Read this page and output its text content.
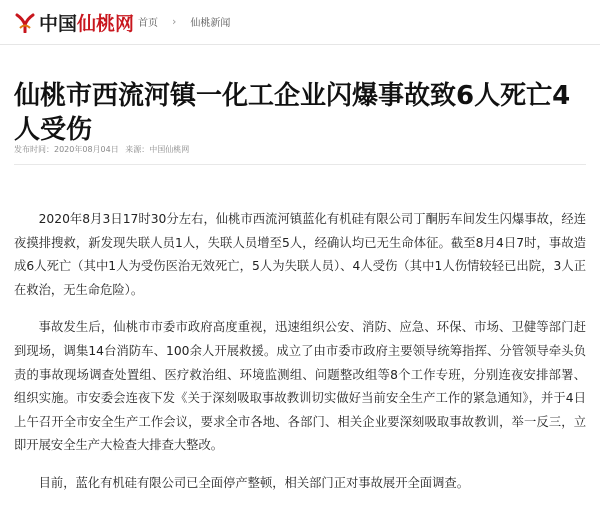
中国 仙桃网 首页 › 仙桃新闻
仙桃市西流河镇一化工企业闪爆事故致6人死亡4人受伤
发布时间：2020年08月04日 来源：中国仙桃网

2020年8月3日17时30分左右，仙桃市西流河镇蓝化有机硅有限公司丁酮肟车间发生闪爆事故，经连夜摸排搜救，新发现失联人员1人，失联人员增至5人，经确认均已无生命体征。截至8月4日7时，事故造成6人死亡（其中1人为受伤医治无效死亡，5人为失联人员）、4人受伤（其中1人伤情较轻已出院，3人正在救治，无生命危险）。

事故发生后，仙桃市市委市政府高度重视，迅速组织公安、消防、应急、环保、市场、卫健等部门赶到现场，调集14台消防车、100余人开展救援。成立了由市委市政府主要领导统筹指挥、分管领导牵头负责的事故现场调查处置组、医疗救治组、环境监测组、问题整改组等8个工作专班，分别连夜安排部署、组织实施。市安委会连夜下发《关于深刻吸取事故教训切实做好当前安全生产工作的紧急通知》，并于4日上午召开全市安全生产工作会议，要求全市各地、各部门、相关企业要深刻吸取事故教训，举一反三，立即开展安全生产大检查大排查大整改。

目前，蓝化有机硅有限公司已全面停产整顿，相关部门正对事故展开全面调查。
